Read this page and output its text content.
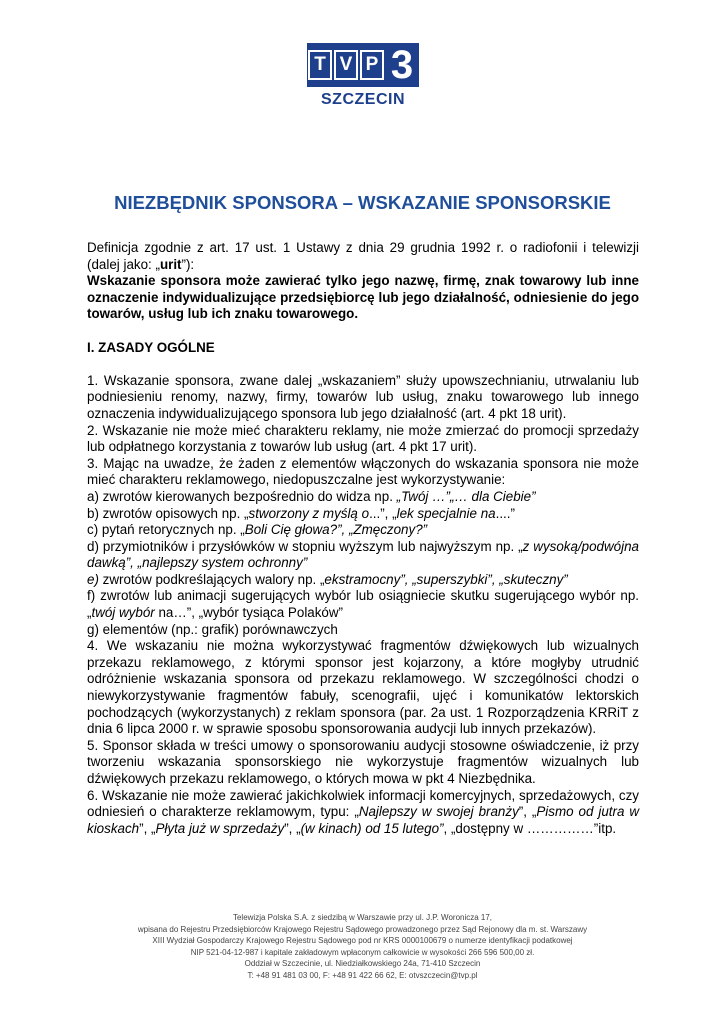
T V P 3
SZCZECIN
NIEZBĘDNIK SPONSORA – WSKAZANIE SPONSORSKIE

Definicja zgodnie z art. 17 ust. 1 Ustawy z dnia 29 grudnia 1992 r. o radiofonii i telewizji (dalej jako: „urit”):

Wskazanie sponsora może zawierać tylko jego nazwę, firmę, znak towarowy lub inne oznaczenie indywidualizujące przedsiębiorcę lub jego działalność, odniesienie do jego towarów, usług lub ich znaku towarowego.

I. ZASADY OGÓLNE

1. Wskazanie sponsora, zwane dalej „wskazaniem” służy upowszechnianiu, utrwalaniu lub podniesieniu renomy, nazwy, firmy, towarów lub usług, znaku towarowego lub innego oznaczenia indywidualizującego sponsora lub jego działalność (art. 4 pkt 18 urit).

2. Wskazanie nie może mieć charakteru reklamy, nie może zmierzać do promocji sprzedaży lub odpłatnego korzystania z towarów lub usług (art. 4 pkt 17 urit).

3. Mając na uwadze, że żaden z elementów włączonych do wskazania sponsora nie może mieć charakteru reklamowego, niedopuszczalne jest wykorzystywanie:

a) zwrotów kierowanych bezpośrednio do widza np. „Twój …”„… dla Ciebie”

b) zwrotów opisowych np. „stworzony z myślą o...”, „lek specjalnie na....”

c) pytań retorycznych np. „Boli Cię głowa?”, „Zmęczony?”

d) przymiotników i przysłówków w stopniu wyższym lub najwyższym np. „z wysoką/podwójna dawką”, „najlepszy system ochronny”

e) zwrotów podkreślających walory np. „ekstramocny”, „superszybki”, „skuteczny”

f) zwrotów lub animacji sugerujących wybór lub osiągniecie skutku sugerującego wybór np. „twój wybór na…”, „wybór tysiąca Polaków”

g) elementów (np.: grafik) porównawczych

4. We wskazaniu nie można wykorzystywać fragmentów dźwiękowych lub wizualnych przekazu reklamowego, z którymi sponsor jest kojarzony, a które mogłyby utrudnić odróżnienie wskazania sponsora od przekazu reklamowego. W szczególności chodzi o niewykorzystywanie fragmentów fabuły, scenografii, ujęć i komunikatów lektorskich pochodzących (wykorzystanych) z reklam sponsora (par. 2a ust. 1 Rozporządzenia KRRiT z dnia 6 lipca 2000 r. w sprawie sposobu sponsorowania audycji lub innych przekazów).

5. Sponsor składa w treści umowy o sponsorowaniu audycji stosowne oświadczenie, iż przy tworzeniu wskazania sponsorskiego nie wykorzystuje fragmentów wizualnych lub dźwiękowych przekazu reklamowego, o których mowa w pkt 4 Niezbędnika.

6. Wskazanie nie może zawierać jakichkolwiek informacji komercyjnych, sprzedażowych, czy odniesień o charakterze reklamowym, typu: „Najlepszy w swojej branży”, „Pismo od jutra w kioskach”, „Płyta już w sprzedaży”, „(w kinach) od 15 lutego”, „dostępny w ……………”itp.

Telewizja Polska S.A. z siedzibą w Warszawie przy ul. J.P. Woronicza 17,
wpisana do Rejestru Przedsiębiorców Krajowego Rejestru Sądowego prowadzonego przez Sąd Rejonowy dla m. st. Warszawy
XIII Wydział Gospodarczy Krajowego Rejestru Sądowego pod nr KRS 0000100679 o numerze identyfikacji podatkowej
NIP 521-04-12-987 i kapitale zakładowym wpłaconym całkowicie w wysokości 266 596 500,00 zł.
Oddział w Szczecinie, ul. Niedziałkowskiego 24a, 71-410 Szczecin
T: +48 91 481 03 00, F: +48 91 422 66 62, E: otvszczecin@tvp.pl
